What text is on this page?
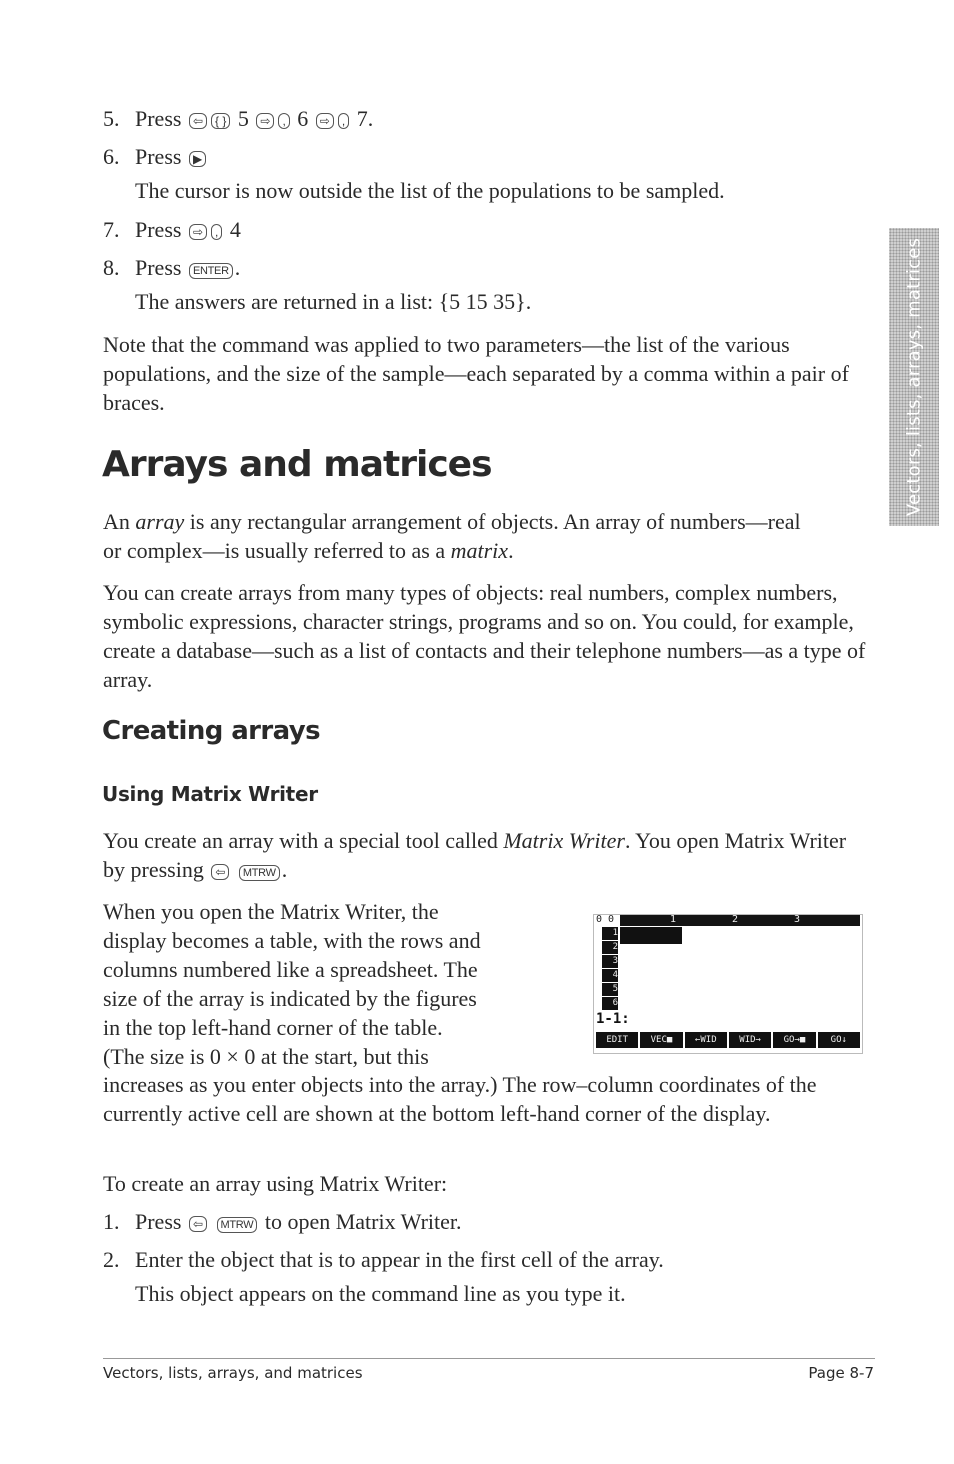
5. Press ⇦ { } 5 ⇨ , 6 ⇨ , 7.
6. Press ▶
The cursor is now outside the list of the populations to be sampled.
7. Press ⇨ , 4
8. Press ENTER .
The answers are returned in a list: {5 15 35}.
Note that the command was applied to two parameters—the list of the various populations, and the size of the sample—each separated by a comma within a pair of braces.
Arrays and matrices
An array is any rectangular arrangement of objects. An array of numbers—real or complex—is usually referred to as a matrix.
You can create arrays from many types of objects: real numbers, complex numbers, symbolic expressions, character strings, programs and so on. You could, for example, create a database—such as a list of contacts and their telephone numbers—as a type of array.
Creating arrays
Using Matrix Writer
You create an array with a special tool called Matrix Writer. You open Matrix Writer by pressing ⇦ MTRW .
When you open the Matrix Writer, the
display becomes a table, with the rows and
columns numbered like a spreadsheet. The
size of the array is indicated by the figures
in the top left-hand corner of the table.
(The size is 0 × 0 at the start, but this
increases as you enter objects into the array.) The row–column coordinates of the currently active cell are shown at the bottom left-hand corner of the display.
0 0	1	2	3
1
2
3
4
5
6
1-1:
EDIT	VEC■	←WID	WID→	GO→■	GO↓
To create an array using Matrix Writer:
1. Press ⇦ MTRW to open Matrix Writer.
2. Enter the object that is to appear in the first cell of the array.
This object appears on the command line as you type it.
Vectors, lists, arrays, matrices
Vectors, lists, arrays, and matrices	Page 8-7
